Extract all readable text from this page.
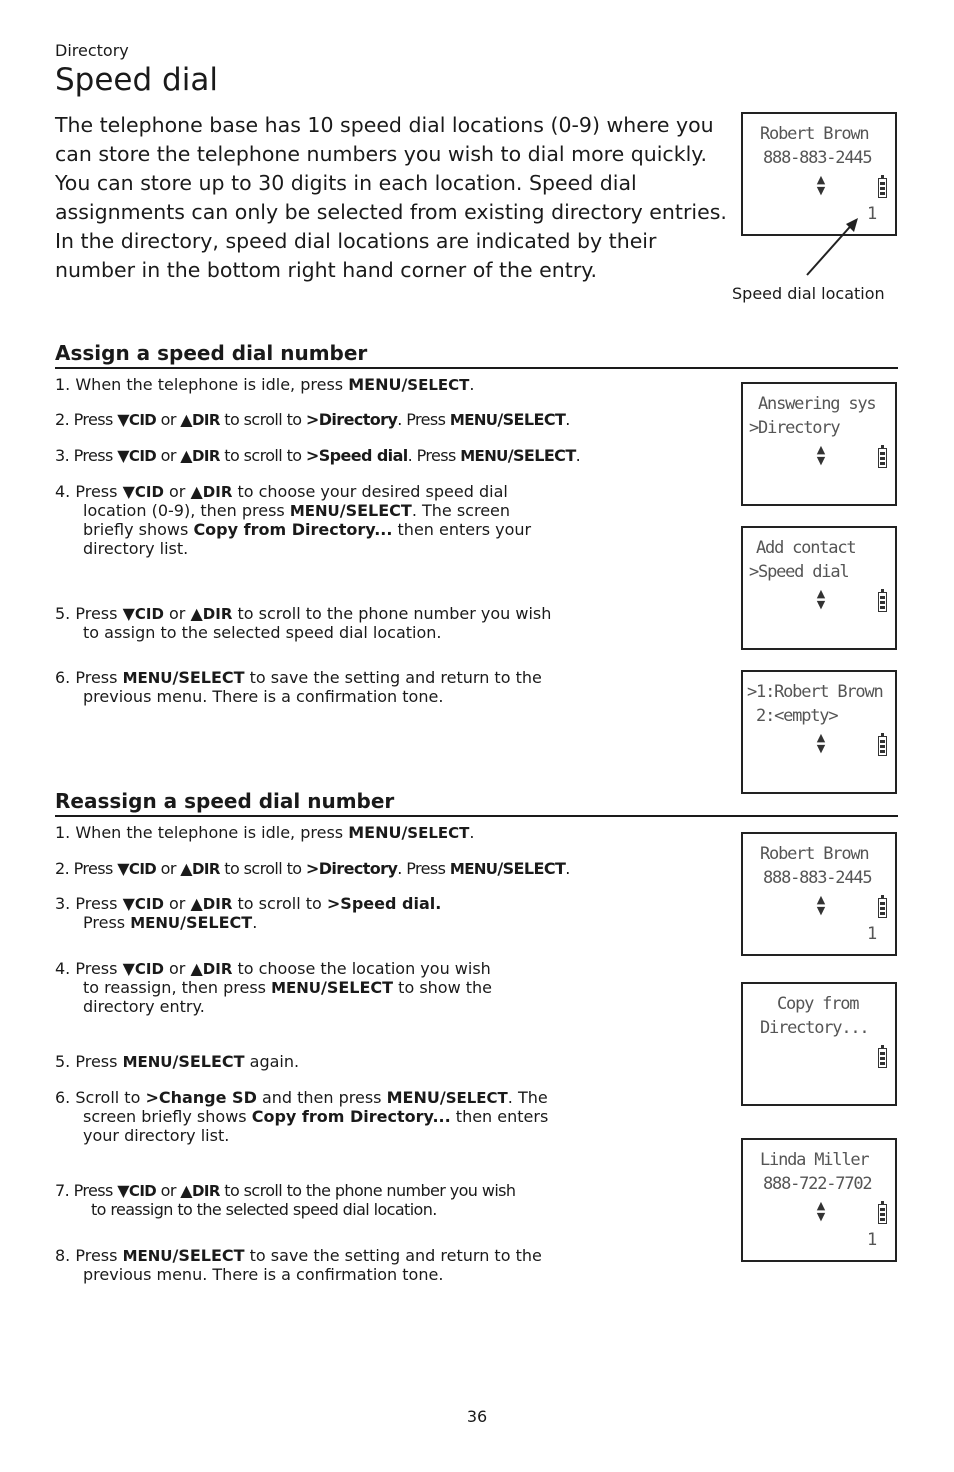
Directory
Speed dial

The telephone base has 10 speed dial locations (0-9) where you can store the telephone numbers you wish to dial more quickly. You can store up to 30 digits in each location. Speed dial assignments can only be selected from existing directory entries. In the directory, speed dial locations are indicated by their number in the bottom right hand corner of the entry.

Robert Brown
888-883-2445
▲
▼
1
Speed dial location
Assign a speed dial number
1. When the telephone is idle, press MENU/SELECT.
2. Press ▼CID or ▲DIR to scroll to >Directory. Press MENU/SELECT.
3. Press ▼CID or ▲DIR to scroll to >Speed dial. Press MENU/SELECT.
4. Press ▼CID or ▲DIR to choose your desired speed dial
location (0-9), then press MENU/SELECT. The screen
briefly shows Copy from Directory... then enters your
directory list.
5. Press ▼CID or ▲DIR to scroll to the phone number you wish
to assign to the selected speed dial location.
6. Press MENU/SELECT to save the setting and return to the
previous menu. There is a confirmation tone.
Answering sys
>Directory
▲
▼
Add contact
>Speed dial
▲
▼
>1:Robert Brown
2:<empty>
▲
▼
Reassign a speed dial number
1. When the telephone is idle, press MENU/SELECT.
2. Press ▼CID or ▲DIR to scroll to >Directory. Press MENU/SELECT.
3. Press ▼CID or ▲DIR to scroll to >Speed dial.
Press MENU/SELECT.
4. Press ▼CID or ▲DIR to choose the location you wish
to reassign, then press MENU/SELECT to show the
directory entry.
5. Press MENU/SELECT again.
6. Scroll to >Change SD and then press MENU/SELECT. The
screen briefly shows Copy from Directory... then enters
your directory list.
7. Press ▼CID or ▲DIR to scroll to the phone number you wish
to reassign to the selected speed dial location.
8. Press MENU/SELECT to save the setting and return to the
previous menu. There is a confirmation tone.
Robert Brown
888-883-2445
▲
▼
1
Copy from
Directory...
Linda Miller
888-722-7702
▲
▼
1
36
